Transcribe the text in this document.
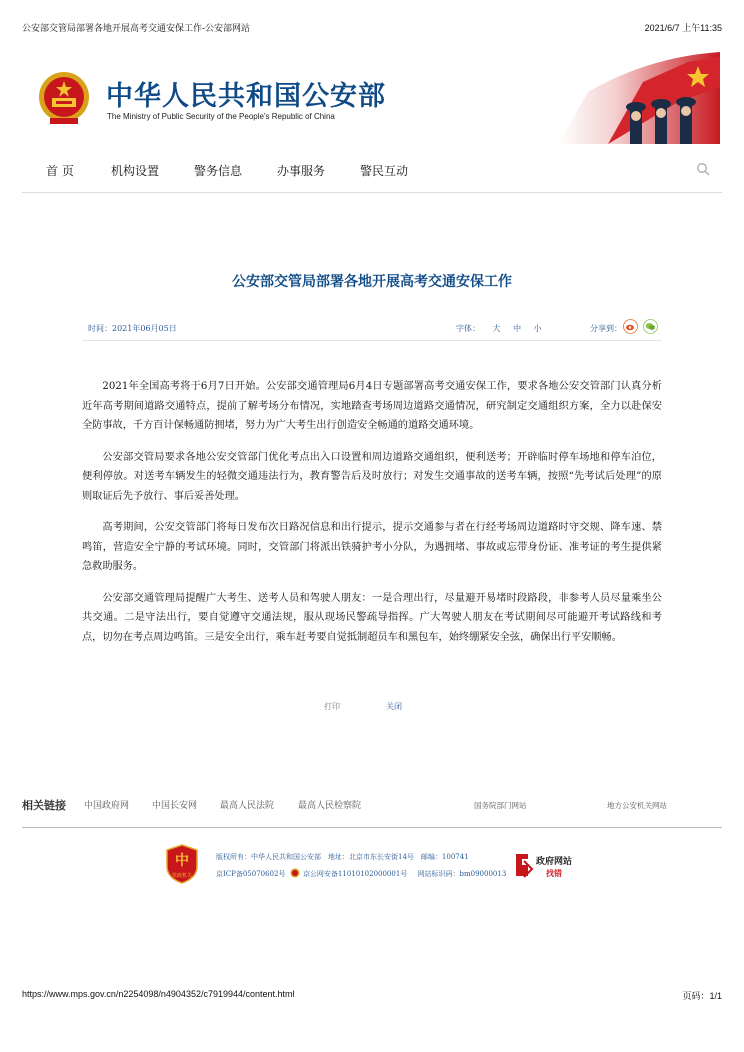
公安部交管局部署各地开展高考交通安保工作-公安部网站	2021/6/7 上午11:35
中华人民共和国公安部
The Ministry of Public Security of the People's Republic of China
首 页	机构设置	警务信息	办事服务	警民互动
公安部交管局部署各地开展高考交通安保工作
时间：2021年06月05日	字体： 大 中 小	分享到：

2021年全国高考将于6月7日开始。公安部交通管理局6月4日专题部署高考交通安保工作，要求各地公安交管部门认真分析近年高考期间道路交通特点，提前了解考场分布情况，实地踏查考场周边道路交通情况，研究制定交通组织方案，全力以赴保安全防事故，千方百计保畅通防拥堵，努力为广大考生出行创造安全畅通的道路交通环境。

公安部交管局要求各地公安交管部门优化考点出入口设置和周边道路交通组织，便利送考；开辟临时停车场地和停车泊位，便利停放。对送考车辆发生的轻微交通违法行为，教育警告后及时放行；对发生交通事故的送考车辆，按照“先考试后处理”的原则取证后先予放行、事后妥善处理。

高考期间，公安交管部门将每日发布次日路况信息和出行提示，提示交通参与者在行经考场周边道路时守交规、降车速、禁鸣笛，营造安全宁静的考试环境。同时，交管部门将派出铁骑护考小分队，为遇拥堵、事故或忘带身份证、准考证的考生提供紧急救助服务。

公安部交通管理局提醒广大考生、送考人员和驾驶人朋友：一是合理出行，尽量避开易堵时段路段，非参考人员尽量乘坐公共交通。二是守法出行，要自觉遵守交通法规，服从现场民警疏导指挥。广大驾驶人朋友在考试期间尽可能避开考试路线和考点，切勿在考点周边鸣笛。三是安全出行，乘车赶考要自觉抵制超员车和黑包车，始终绷紧安全弦，确保出行平安顺畅。

打印	关闭
相关链接 中国政府网	中国长安网	最高人民法院	最高人民检察院	国务院部门网站	地方公安机关网站
中
党政机关
版权所有：中华人民共和国公安部　地址：北京市东长安街14号　邮编：100741
京ICP备05070602号 京公网安备11010102000001号 网站标识码：bm09000013
政府网站
找错
https://www.mps.gov.cn/n2254098/n4904352/c7919944/content.html	页码：1/1
